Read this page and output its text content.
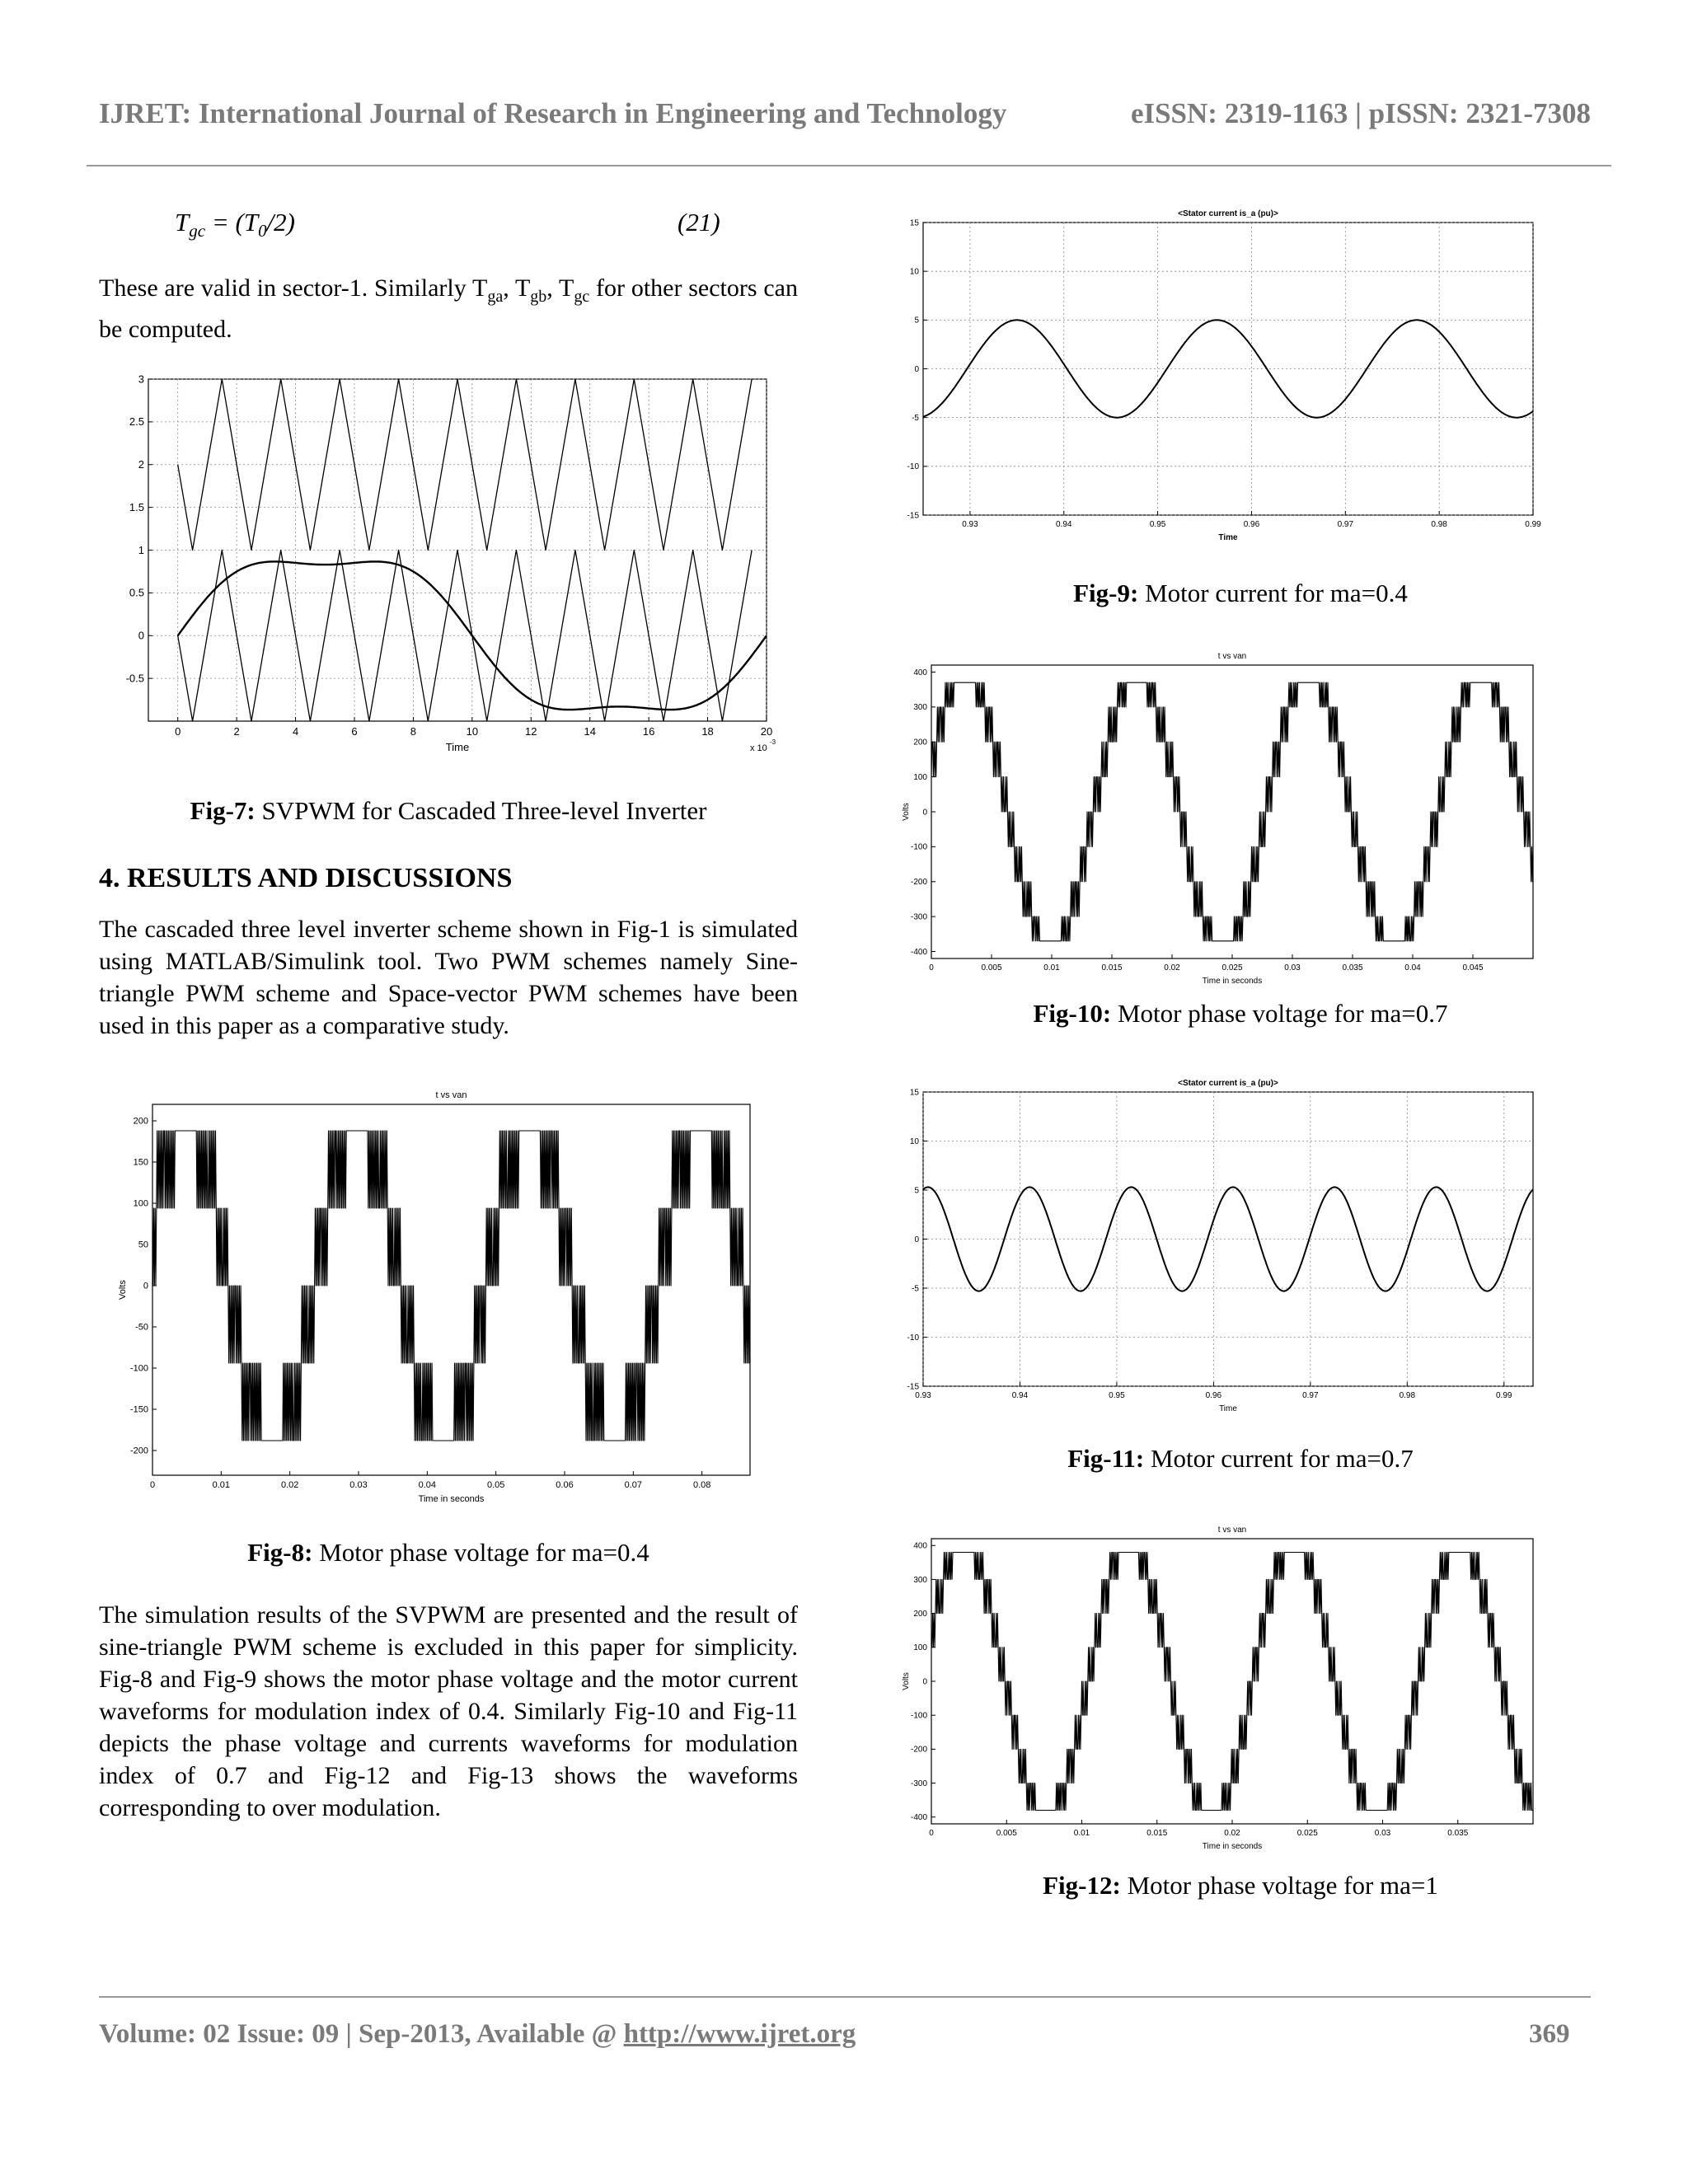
IJRET: International Journal of Research in Engineering and Technology	eISSN: 2319-1163 | pISSN: 2321-7308
$T_{gc} = (T_0/2)$	(21)
These are valid in sector-1. Similarly $T_{ga}$, $T_{gb}$, $T_{gc}$ for other sectors can be computed.
0	2	4	6	8	10	12	14	16	18	20
-0.5
0
0.5
1
1.5
2
2.5
3
Time	x 10
-3
Fig-7: SVPWM for Cascaded Three-level Inverter
4. RESULTS AND DISCUSSIONS
The cascaded three level inverter scheme shown in Fig-1 is simulated using MATLAB/Simulink tool. Two PWM schemes namely Sine-triangle PWM scheme and Space-vector PWM schemes have been used in this paper as a comparative study.
0	0.01	0.02	0.03	0.04	0.05	0.06	0.07	0.08
-200
-150
-100
-50
0
50
100
150
200
t vs van
Time in seconds
Volts
Fig-8: Motor phase voltage for ma=0.4
The simulation results of the SVPWM are presented and the result of sine-triangle PWM scheme is excluded in this paper for simplicity. Fig-8 and Fig-9 shows the motor phase voltage and the motor current waveforms for modulation index of 0.4. Similarly Fig-10 and Fig-11 depicts the phase voltage and currents waveforms for modulation index of 0.7 and Fig-12 and Fig-13 shows the waveforms corresponding to over modulation.
0.93	0.94	0.95	0.96	0.97	0.98	0.99
-15
-10
-5
0
5
10
15
<Stator current is_a (pu)>
Time
Fig-9: Motor current for ma=0.4
0	0.005	0.01	0.015	0.02	0.025	0.03	0.035	0.04	0.045
-400
-300
-200
-100
0
100
200
300
400
t vs van
Time in seconds
Volts
Fig-10: Motor phase voltage for ma=0.7
0.93	0.94	0.95	0.96	0.97	0.98	0.99
-15
-10
-5
0
5
10
15
<Stator current is_a (pu)>
Time
Fig-11: Motor current for ma=0.7
0	0.005	0.01	0.015	0.02	0.025	0.03	0.035
-400
-300
-200
-100
0
100
200
300
400
t vs van
Time in seconds
Volts
Fig-12: Motor phase voltage for ma=1
Volume: 02 Issue: 09 | Sep-2013, Available @ http://www.ijret.org	369
